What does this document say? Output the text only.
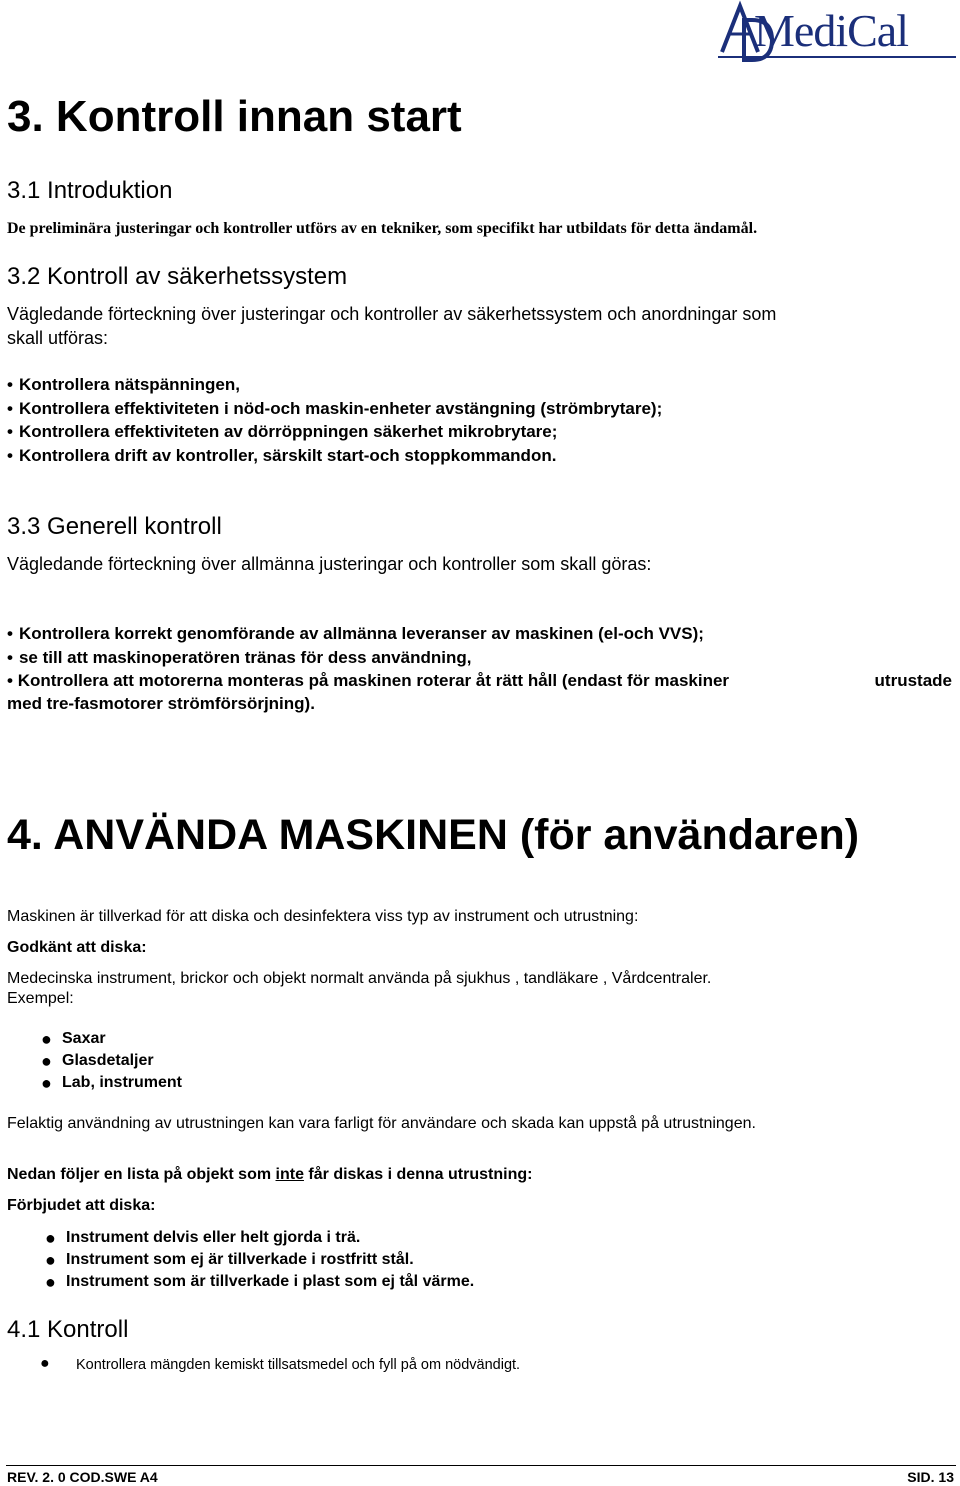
MediCal
3. Kontroll innan start
3.1 Introduktion
De preliminära justeringar och kontroller utförs av en tekniker, som specifikt har utbildats för detta ändamål.
3.2 Kontroll av säkerhetssystem
Vägledande förteckning över justeringar och kontroller av säkerhetssystem och anordningar som
skall utföras:
• Kontrollera nätspänningen,
• Kontrollera effektiviteten i nöd-och maskin-enheter avstängning (strömbrytare);
• Kontrollera effektiviteten av dörröppningen säkerhet mikrobrytare;
• Kontrollera drift av kontroller, särskilt start-och stoppkommandon.
3.3 Generell kontroll
Vägledande förteckning över allmänna justeringar och kontroller som skall göras:
• Kontrollera korrekt genomförande av allmänna leveranser av maskinen (el-och VVS);
• se till att maskinoperatören tränas för dess användning,
• Kontrollera att motorerna monteras på maskinen roterar åt rätt håll (endast för maskiner	utrustade
med tre-fasmotorer strömförsörjning).
4. ANVÄNDA MASKINEN (för användaren)
Maskinen är tillverkad för att diska och desinfektera viss typ av instrument och utrustning:
Godkänt att diska:
Medecinska instrument, brickor och objekt normalt använda på sjukhus , tandläkare , Vårdcentraler.
Exempel:
● Saxar
● Glasdetaljer
● Lab, instrument
Felaktig användning av utrustningen kan vara farligt för användare och skada kan uppstå på utrustningen.
Nedan följer en lista på objekt som inte får diskas i denna utrustning:
Förbjudet att diska:
● Instrument delvis eller helt gjorda i trä.
● Instrument som ej är tillverkade i rostfritt stål.
● Instrument som är tillverkade i plast som ej tål värme.
4.1 Kontroll
● Kontrollera mängden kemiskt tillsatsmedel och fyll på om nödvändigt.
REV. 2. 0 COD.SWE A4	SID. 13
